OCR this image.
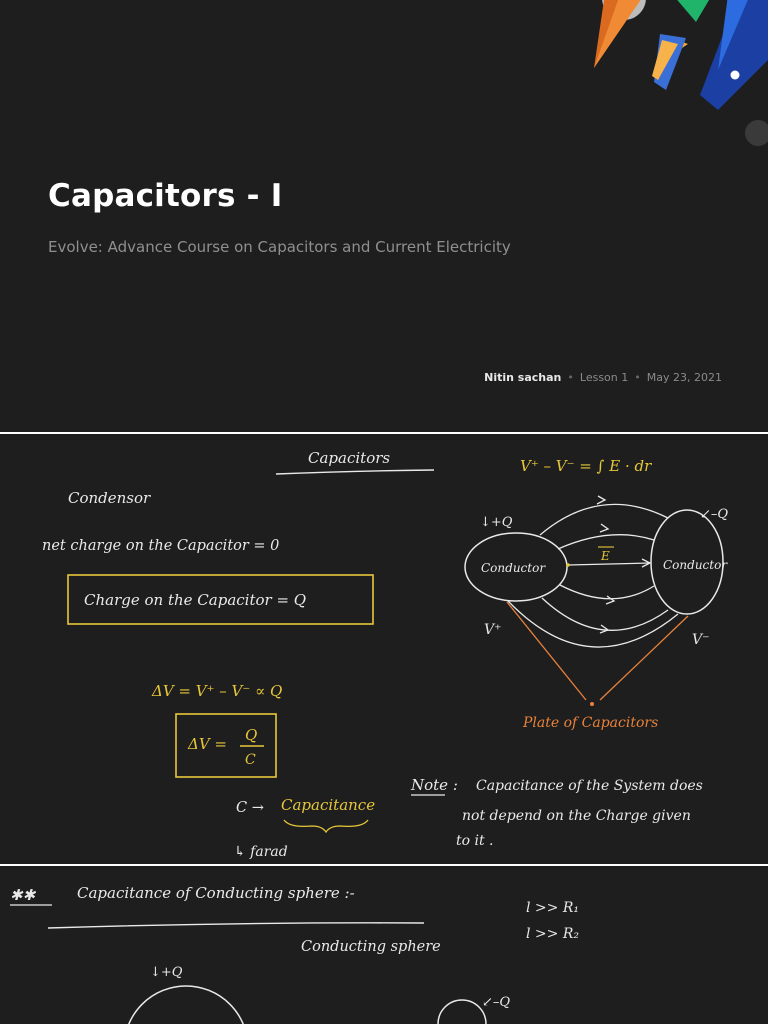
Capacitors - I
Evolve: Advance Course on Capacitors and Current Electricity
Nitin sachan • Lesson 1 • May 23, 2021
Capacitors	V⁺ – V⁻ = ∫ E · dr
Condensor
net charge on the Capacitor = 0
Charge on the Capacitor = Q
↓+Q
↙–Q
Conductor	Conductor
E
V⁺
V⁻
Plate of Capacitors
ΔV = V⁺ – V⁻ ∝ Q
ΔV = Q
C
C → Capacitance
↳ farad
Note : Capacitance of the System does
not depend on the Charge given
to it .
✱✱	Capacitance of Conducting sphere :-
l >> R₁
l >> R₂
Conducting sphere
↓+Q
↙–Q
